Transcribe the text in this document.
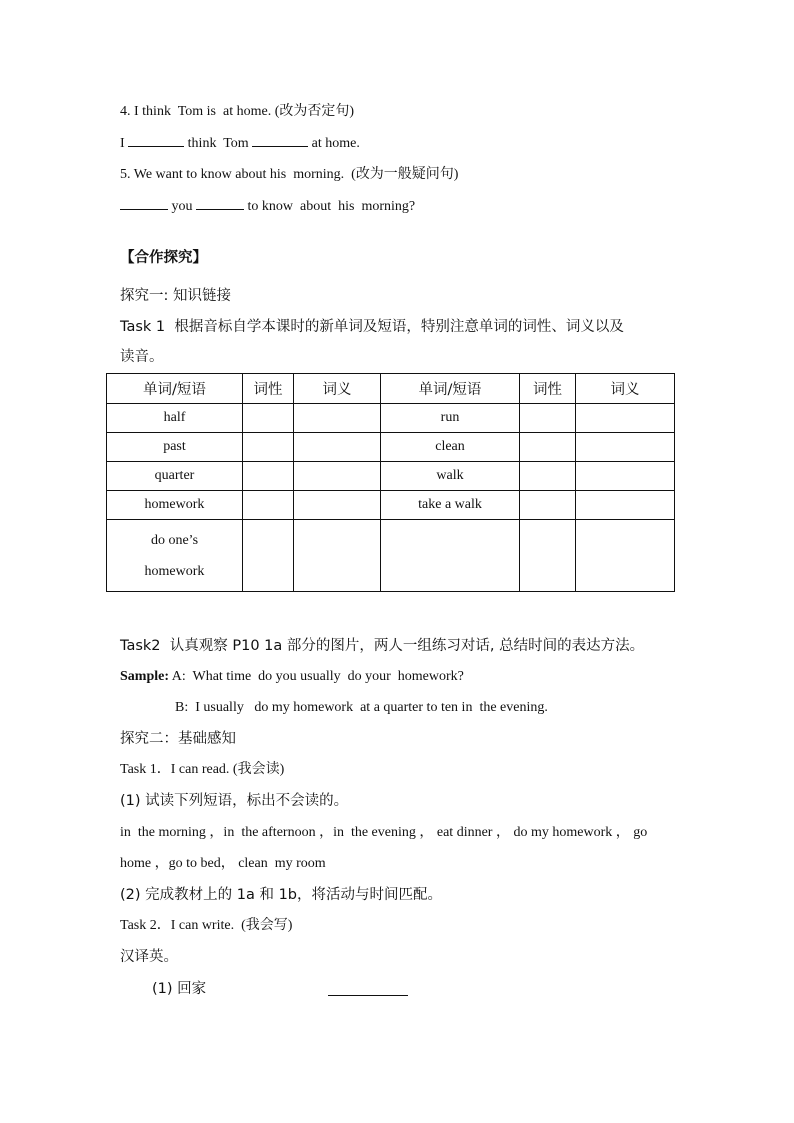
4. I think  Tom is  at home. (改为否定句)
I	think  Tom	at home.
5. We want to know about his  morning.  (改为一般疑问句)
you	to know  about  his  morning?
【合作探究】
探究一: 知识链接
Task 1  根据音标自学本课时的新单词及短语，特别注意单词的词性、词义以及
读音。
单词/短语	词性	词义	单词/短语	词性	词义
half			run		
past			clean		
quarter			walk		
homework			take a walk		
do one’s
homework					
Task2  认真观察 P10 1a 部分的图片，两人一组练习对话, 总结时间的表达方法。
Sample: A:  What time  do you usually  do your  homework?
B:  I usually   do my homework  at a quarter to ten in  the evening.
探究二：基础感知
Task 1．I can read. (我会读)
(1) 试读下列短语，标出不会读的。
in  the morning ，in  the afternoon ，in  the evening ， eat dinner ， do my homework ， go
home ，go to bed， clean  my room
(2) 完成教材上的 1a 和 1b，将活动与时间匹配。
Task 2．I can write.  (我会写)
汉译英。
(1) 回家
